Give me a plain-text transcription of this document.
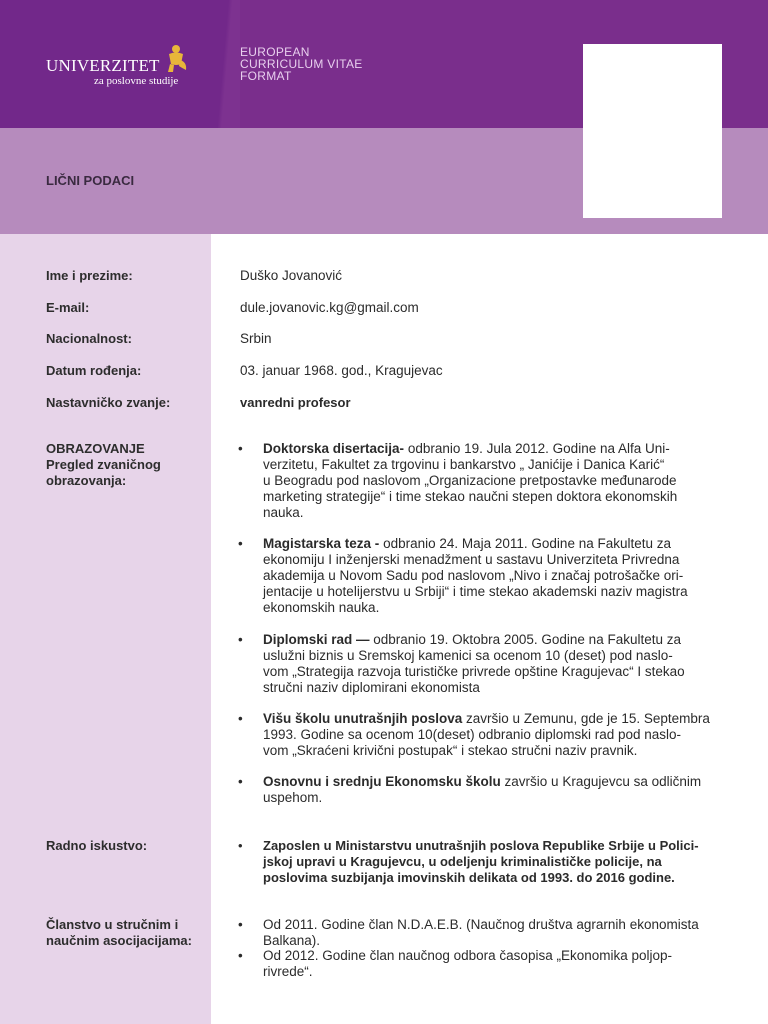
UNIVERZITET
za poslovne studije
EUROPEAN
CURRICULUM VITAE
FORMAT
LIČNI PODACI
Ime i prezime:	Duško Jovanović
E-mail:	dule.jovanovic.kg@gmail.com
Nacionalnost:	Srbin
Datum rođenja:	03. januar 1968. god., Kragujevac
Nastavničko zvanje:	vanredni profesor
OBRAZOVANJE
Pregled zvaničnog
obrazovanja:
• Doktorska disertacija- odbranio 19. Jula 2012. Godine na Alfa Uni-
verzitetu, Fakultet za trgovinu i bankarstvo „ Janićije i Danica Karić“
u Beogradu pod naslovom „Organizacione pretpostavke međunarode
marketing strategije“ i time stekao naučni stepen doktora ekonomskih
nauka.
• Magistarska teza - odbranio 24. Maja 2011. Godine na Fakultetu za
ekonomiju I inženjerski menadžment u sastavu Univerziteta Privredna
akademija u Novom Sadu pod naslovom „Nivo i značaj potrošačke ori-
jentacije u hotelijerstvu u Srbiji“ i time stekao akademski naziv magistra
ekonomskih nauka.
• Diplomski rad — odbranio 19. Oktobra 2005. Godine na Fakultetu za
uslužni biznis u Sremskoj kamenici sa ocenom 10 (deset) pod naslo-
vom „Strategija razvoja turističke privrede opštine Kragujevac“ I stekao
stručni naziv diplomirani ekonomista
• Višu školu unutrašnjih poslova završio u Zemunu, gde je 15. Septembra
1993. Godine sa ocenom 10(deset) odbranio diplomski rad pod naslo-
vom „Skraćeni krivični postupak“ i stekao stručni naziv pravnik.
• Osnovnu i srednju Ekonomsku školu završio u Kragujevcu sa odličnim
uspehom.
Radno iskustvo:	• Zaposlen u Ministarstvu unutrašnjih poslova Republike Srbije u Polici-
jskoj upravi u Kragujevcu, u odeljenju kriminalističke policije, na
poslovima suzbijanja imovinskih delikata od 1993. do 2016 godine.
Članstvo u stručnim i
naučnim asocijacijama:
• Od 2011. Godine član N.D.A.E.B. (Naučnog društva agrarnih ekonomista
Balkana).
• Od 2012. Godine član naučnog odbora časopisa „Ekonomika poljop-
rivrede“.
